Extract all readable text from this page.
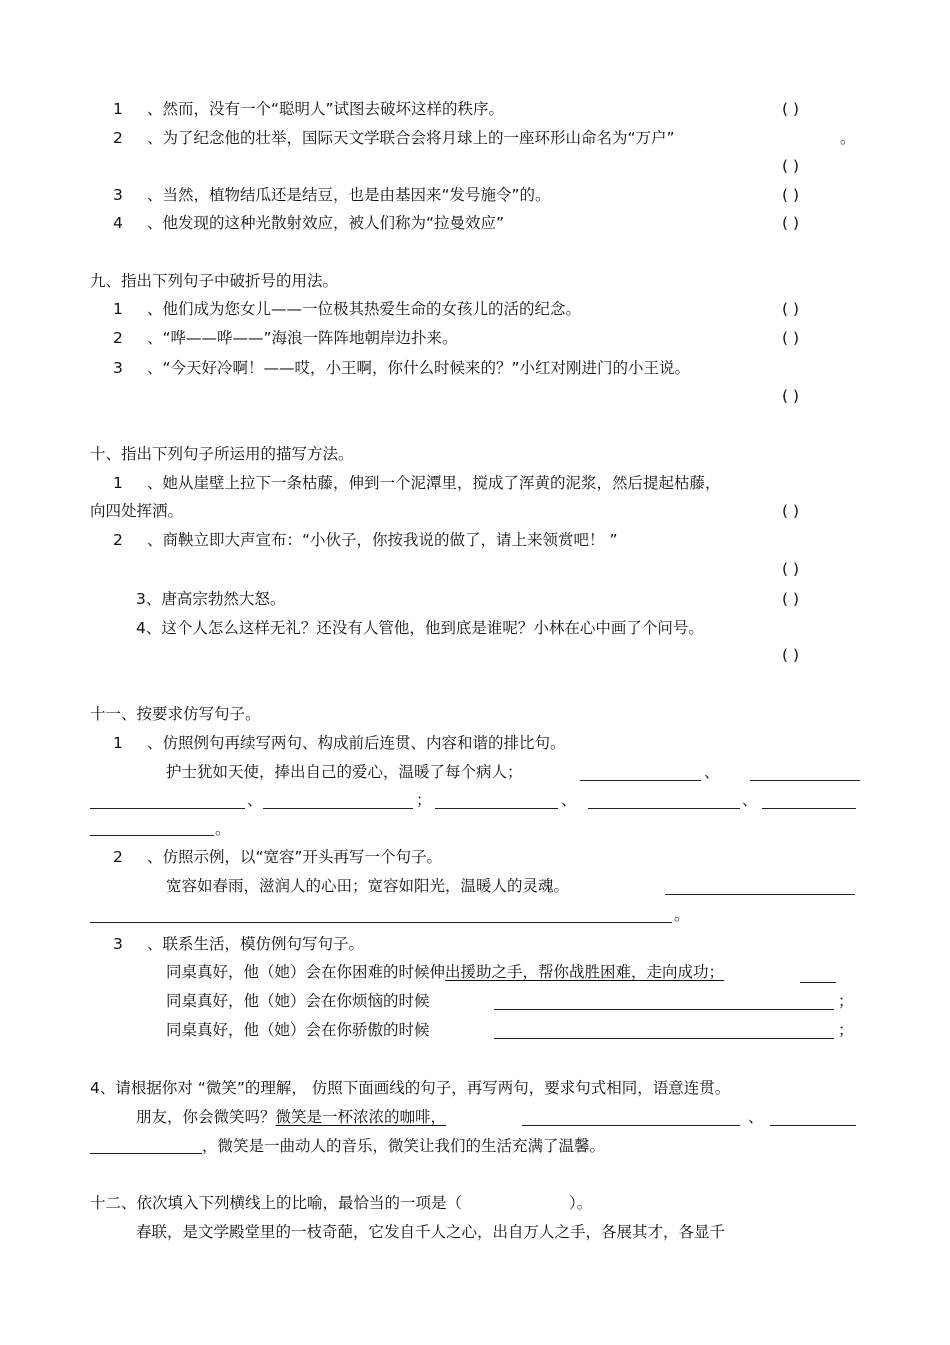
1 、然而，没有一个“聪明人”试图去破坏这样的秩序。	( )
2 、为了纪念他的壮举，国际天文学联合会将月球上的一座环形山命名为“万户”	。
( )
3 、当然，植物结瓜还是结豆，也是由基因来“发号施令”的。	( )
4 、他发现的这种光散射效应，被人们称为“拉曼效应”	( )
九、指出下列句子中破折号的用法。
1 、他们成为您女儿——一位极其热爱生命的女孩儿的活的纪念。	( )
2 、“哗——哗——”海浪一阵阵地朝岸边扑来。	( )
3 、“今天好冷啊！——哎，小王啊，你什么时候来的？”小红对刚进门的小王说。
( )
十、指出下列句子所运用的描写方法。
1 、她从崖壁上拉下一条枯藤，伸到一个泥潭里，搅成了浑黄的泥浆，然后提起枯藤，
向四处挥洒。	( )
2 、商鞅立即大声宣布：“小伙子，你按我说的做了，请上来领赏吧！ ”
( )
3、唐高宗勃然大怒。	( )
4、这个人怎么这样无礼？还没有人管他，他到底是谁呢？小林在心中画了个问号。
( )
十一、按要求仿写句子。
1 、仿照例句再续写两句、构成前后连贯、内容和谐的排比句。
护士犹如天使，捧出自己的爱心，温暖了每个病人；	、
、	；	、	、
。
2 、仿照示例，以“宽容”开头再写一个句子。
宽容如春雨，滋润人的心田；宽容如阳光，温暖人的灵魂。
。
3 、联系生活，模仿例句写句子。
同桌真好，他（她）会在你困难的时候伸出援助之手，帮你战胜困难，走向成功；
同桌真好，他（她）会在你烦恼的时候	；
同桌真好，他（她）会在你骄傲的时候	；
4、请根据你对 “微笑”的理解， 仿照下面画线的句子，再写两句，要求句式相同，语意连贯。
朋友，你会微笑吗？微笑是一杯浓浓的咖啡，	、
，微笑是一曲动人的音乐，微笑让我们的生活充满了温馨。
十二、依次填入下列横线上的比喻，最恰当的一项是（	）。
春联，是文学殿堂里的一枝奇葩，它发自千人之心，出自万人之手，各展其才，各显千
